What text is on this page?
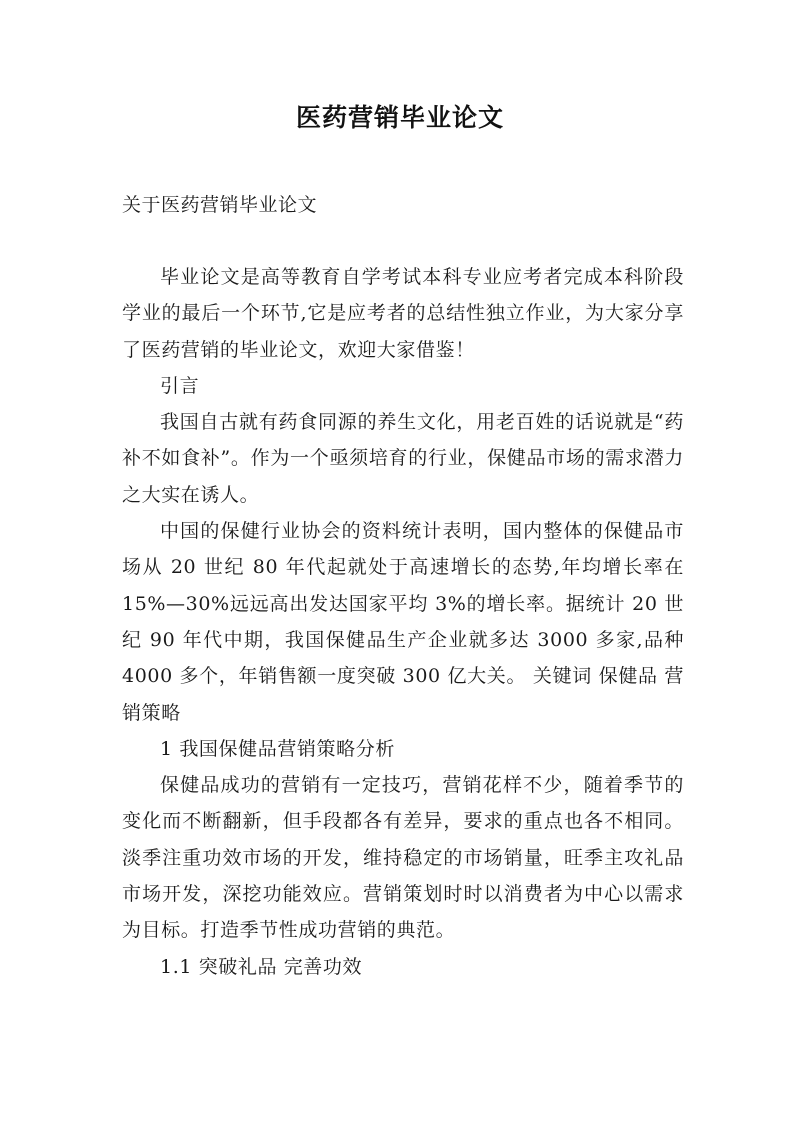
医药营销毕业论文
关于医药营销毕业论文

毕业论文是高等教育自学考试本科专业应考者完成本科阶段学业的最后一个环节,它是应考者的总结性独立作业，为大家分享了医药营销的毕业论文，欢迎大家借鉴！

引言

我国自古就有药食同源的养生文化，用老百姓的话说就是“药补不如食补”。作为一个亟须培育的行业，保健品市场的需求潜力之大实在诱人。

中国的保健行业协会的资料统计表明，国内整体的保健品市场从 20 世纪 80 年代起就处于高速增长的态势,年均增长率在 15%—30%远远高出发达国家平均 3%的增长率。据统计 20 世纪 90 年代中期，我国保健品生产企业就多达 3000 多家,品种 4000 多个，年销售额一度突破 300 亿大关。 关键词 保健品 营销策略

1 我国保健品营销策略分析

保健品成功的营销有一定技巧，营销花样不少，随着季节的变化而不断翻新，但手段都各有差异，要求的重点也各不相同。淡季注重功效市场的开发，维持稳定的市场销量，旺季主攻礼品市场开发，深挖功能效应。营销策划时时以消费者为中心以需求为目标。打造季节性成功营销的典范。

1.1 突破礼品 完善功效
